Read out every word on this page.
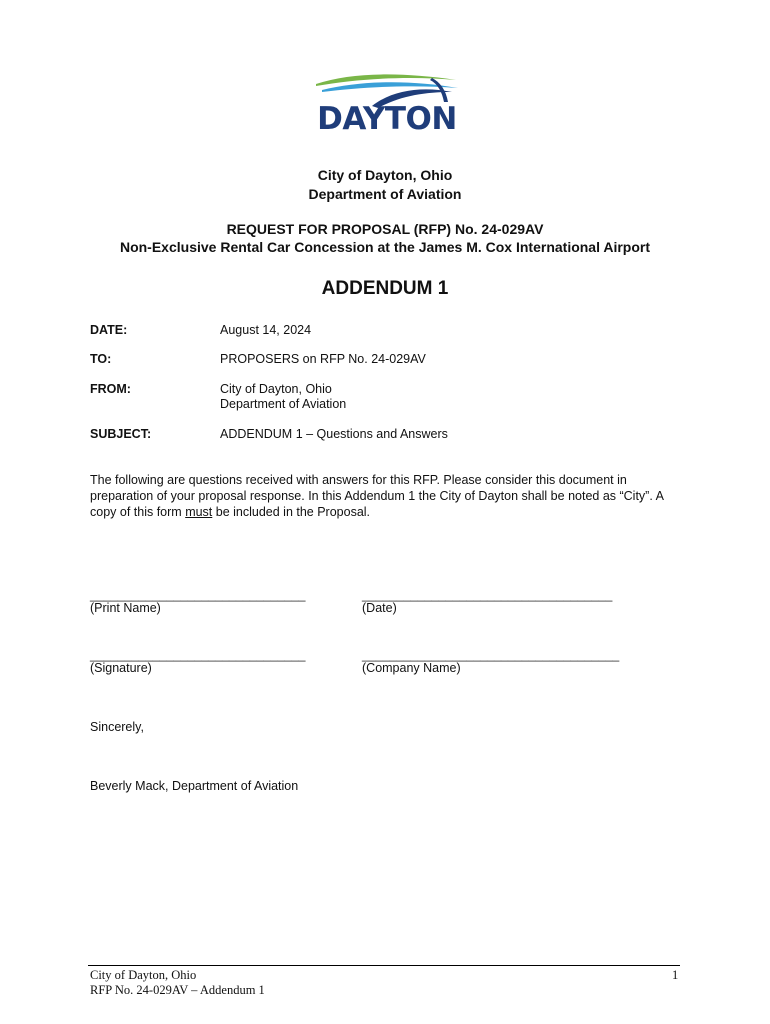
DAYTON
City of Dayton, Ohio
Department of Aviation
REQUEST FOR PROPOSAL (RFP) No. 24-029AV
Non-Exclusive Rental Car Concession at the James M. Cox International Airport
ADDENDUM 1
DATE:	August 14, 2024
TO:	PROPOSERS on RFP No. 24-029AV
FROM:	City of Dayton, Ohio
Department of Aviation
SUBJECT:	ADDENDUM 1 – Questions and Answers
The following are questions received with answers for this RFP. Please consider this document in
preparation of your proposal response. In this Addendum 1 the City of Dayton shall be noted as “City”. A
copy of this form must be included in the Proposal.
_______________________________
(Print Name)
____________________________________
(Date)
_______________________________
(Signature)
_____________________________________
(Company Name)
Sincerely,
Beverly Mack, Department of Aviation
City of Dayton, Ohio
RFP No. 24-029AV – Addendum 1
1
